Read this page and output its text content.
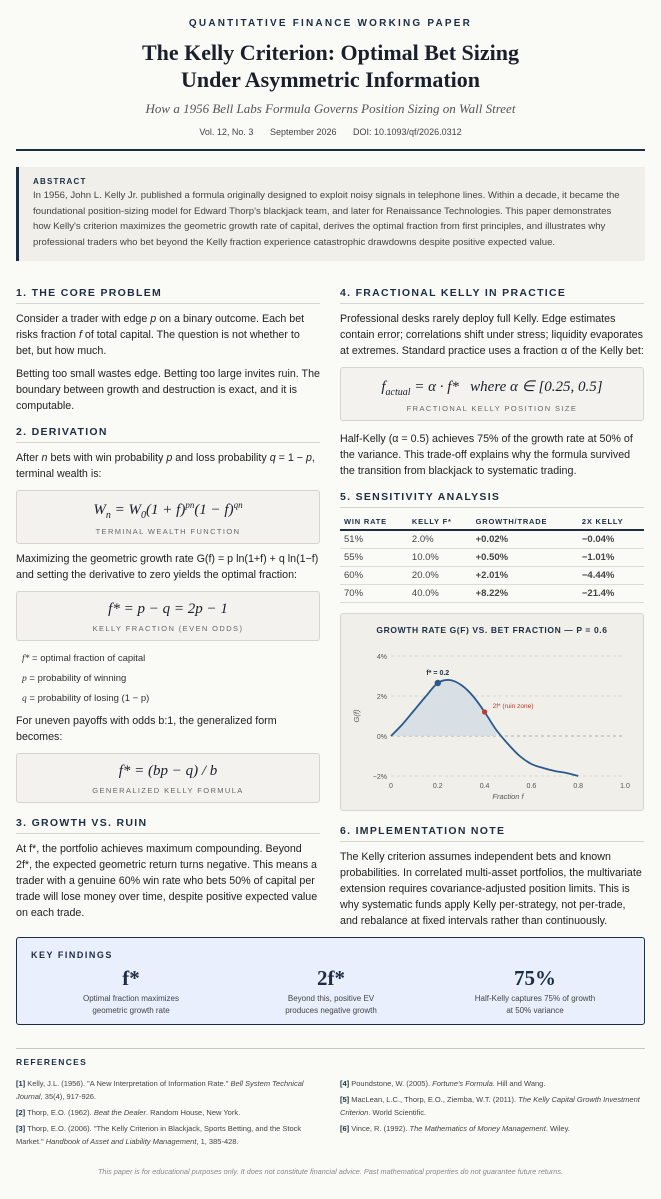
QUANTITATIVE FINANCE WORKING PAPER
The Kelly Criterion: Optimal Bet Sizing
Under Asymmetric Information
How a 1956 Bell Labs Formula Governs Position Sizing on Wall Street
Vol. 12, No. 3 September 2026 DOI: 10.1093/qf/2026.0312
ABSTRACT
In 1956, John L. Kelly Jr. published a formula originally designed to exploit noisy signals in telephone lines. Within a decade, it became the foundational position-sizing model for Edward Thorp's blackjack team, and later for Renaissance Technologies. This paper demonstrates how Kelly's criterion maximizes the geometric growth rate of capital, derives the optimal fraction from first principles, and illustrates why professional traders who bet beyond the Kelly fraction experience catastrophic drawdowns despite positive expected value.
1. THE CORE PROBLEM

Consider a trader with edge p on a binary outcome. Each bet risks fraction f of total capital. The question is not whether to bet, but how much.

Betting too small wastes edge. Betting too large invites ruin. The boundary between growth and destruction is exact, and it is computable.

2. DERIVATION

After n bets with win probability p and loss probability q = 1 − p, terminal wealth is:

$W_n = W_0(1 + f)^{pn}(1 - f)^{qn}$
TERMINAL WEALTH FUNCTION

Maximizing the geometric growth rate G(f) = p ln(1+f) + q ln(1−f) and setting the derivative to zero yields the optimal fraction:

f* = p − q = 2p − 1
KELLY FRACTION (EVEN ODDS)
f* = optimal fraction of capital
p = probability of winning
q = probability of losing (1 − p)

For uneven payoffs with odds b:1, the generalized form becomes:

f* = (bp − q) / b
GENERALIZED KELLY FORMULA
3. GROWTH VS. RUIN

At f*, the portfolio achieves maximum compounding. Beyond 2f*, the expected geometric return turns negative. This means a trader with a genuine 60% win rate who bets 50% of capital per trade will lose money over time, despite positive expected value on each trade.

4. FRACTIONAL KELLY IN PRACTICE

Professional desks rarely deploy full Kelly. Edge estimates contain error; correlations shift under stress; liquidity evaporates at extremes. Standard practice uses a fraction α of the Kelly bet:

$f_{actual} = \alpha \cdot f*$   where α ∈ [0.25, 0.5]
FRACTIONAL KELLY POSITION SIZE

Half-Kelly (α = 0.5) achieves 75% of the growth rate at 50% of the variance. This trade-off explains why the formula survived the transition from blackjack to systematic trading.

5. SENSITIVITY ANALYSIS
WIN RATE	KELLY F*	GROWTH/TRADE	2X KELLY
51%	2.0%	+0.02%	−0.04%
55%	10.0%	+0.50%	−1.01%
60%	20.0%	+2.01%	−4.44%
70%	40.0%	+8.22%	−21.4%
GROWTH RATE G(F) VS. BET FRACTION — P = 0.6
4%
2%
0%
−2%
0	0.2	0.4	0.6	0.8	1.0
Fraction f
G(f)
f* = 0.2
2f* (ruin zone)
6. IMPLEMENTATION NOTE

The Kelly criterion assumes independent bets and known probabilities. In correlated multi-asset portfolios, the multivariate extension requires covariance-adjusted position limits. This is why systematic funds apply Kelly per-strategy, not per-trade, and rebalance at fixed intervals rather than continuously.

KEY FINDINGS
f*
Optimal fraction maximizes
geometric growth rate
2f*
Beyond this, positive EV
produces negative growth
75%
Half-Kelly captures 75% of growth
at 50% variance
REFERENCES
[1] Kelly, J.L. (1956). "A New Interpretation of Information Rate." Bell System Technical Journal, 35(4), 917-926.
[2] Thorp, E.O. (1962). Beat the Dealer. Random House, New York.
[3] Thorp, E.O. (2006). "The Kelly Criterion in Blackjack, Sports Betting, and the Stock Market." Handbook of Asset and Liability Management, 1, 385-428.
[4] Poundstone, W. (2005). Fortune's Formula. Hill and Wang.
[5] MacLean, L.C., Thorp, E.O., Ziemba, W.T. (2011). The Kelly Capital Growth Investment Criterion. World Scientific.
[6] Vince, R. (1992). The Mathematics of Money Management. Wiley.
This paper is for educational purposes only. It does not constitute financial advice. Past mathematical properties do not guarantee future returns.
